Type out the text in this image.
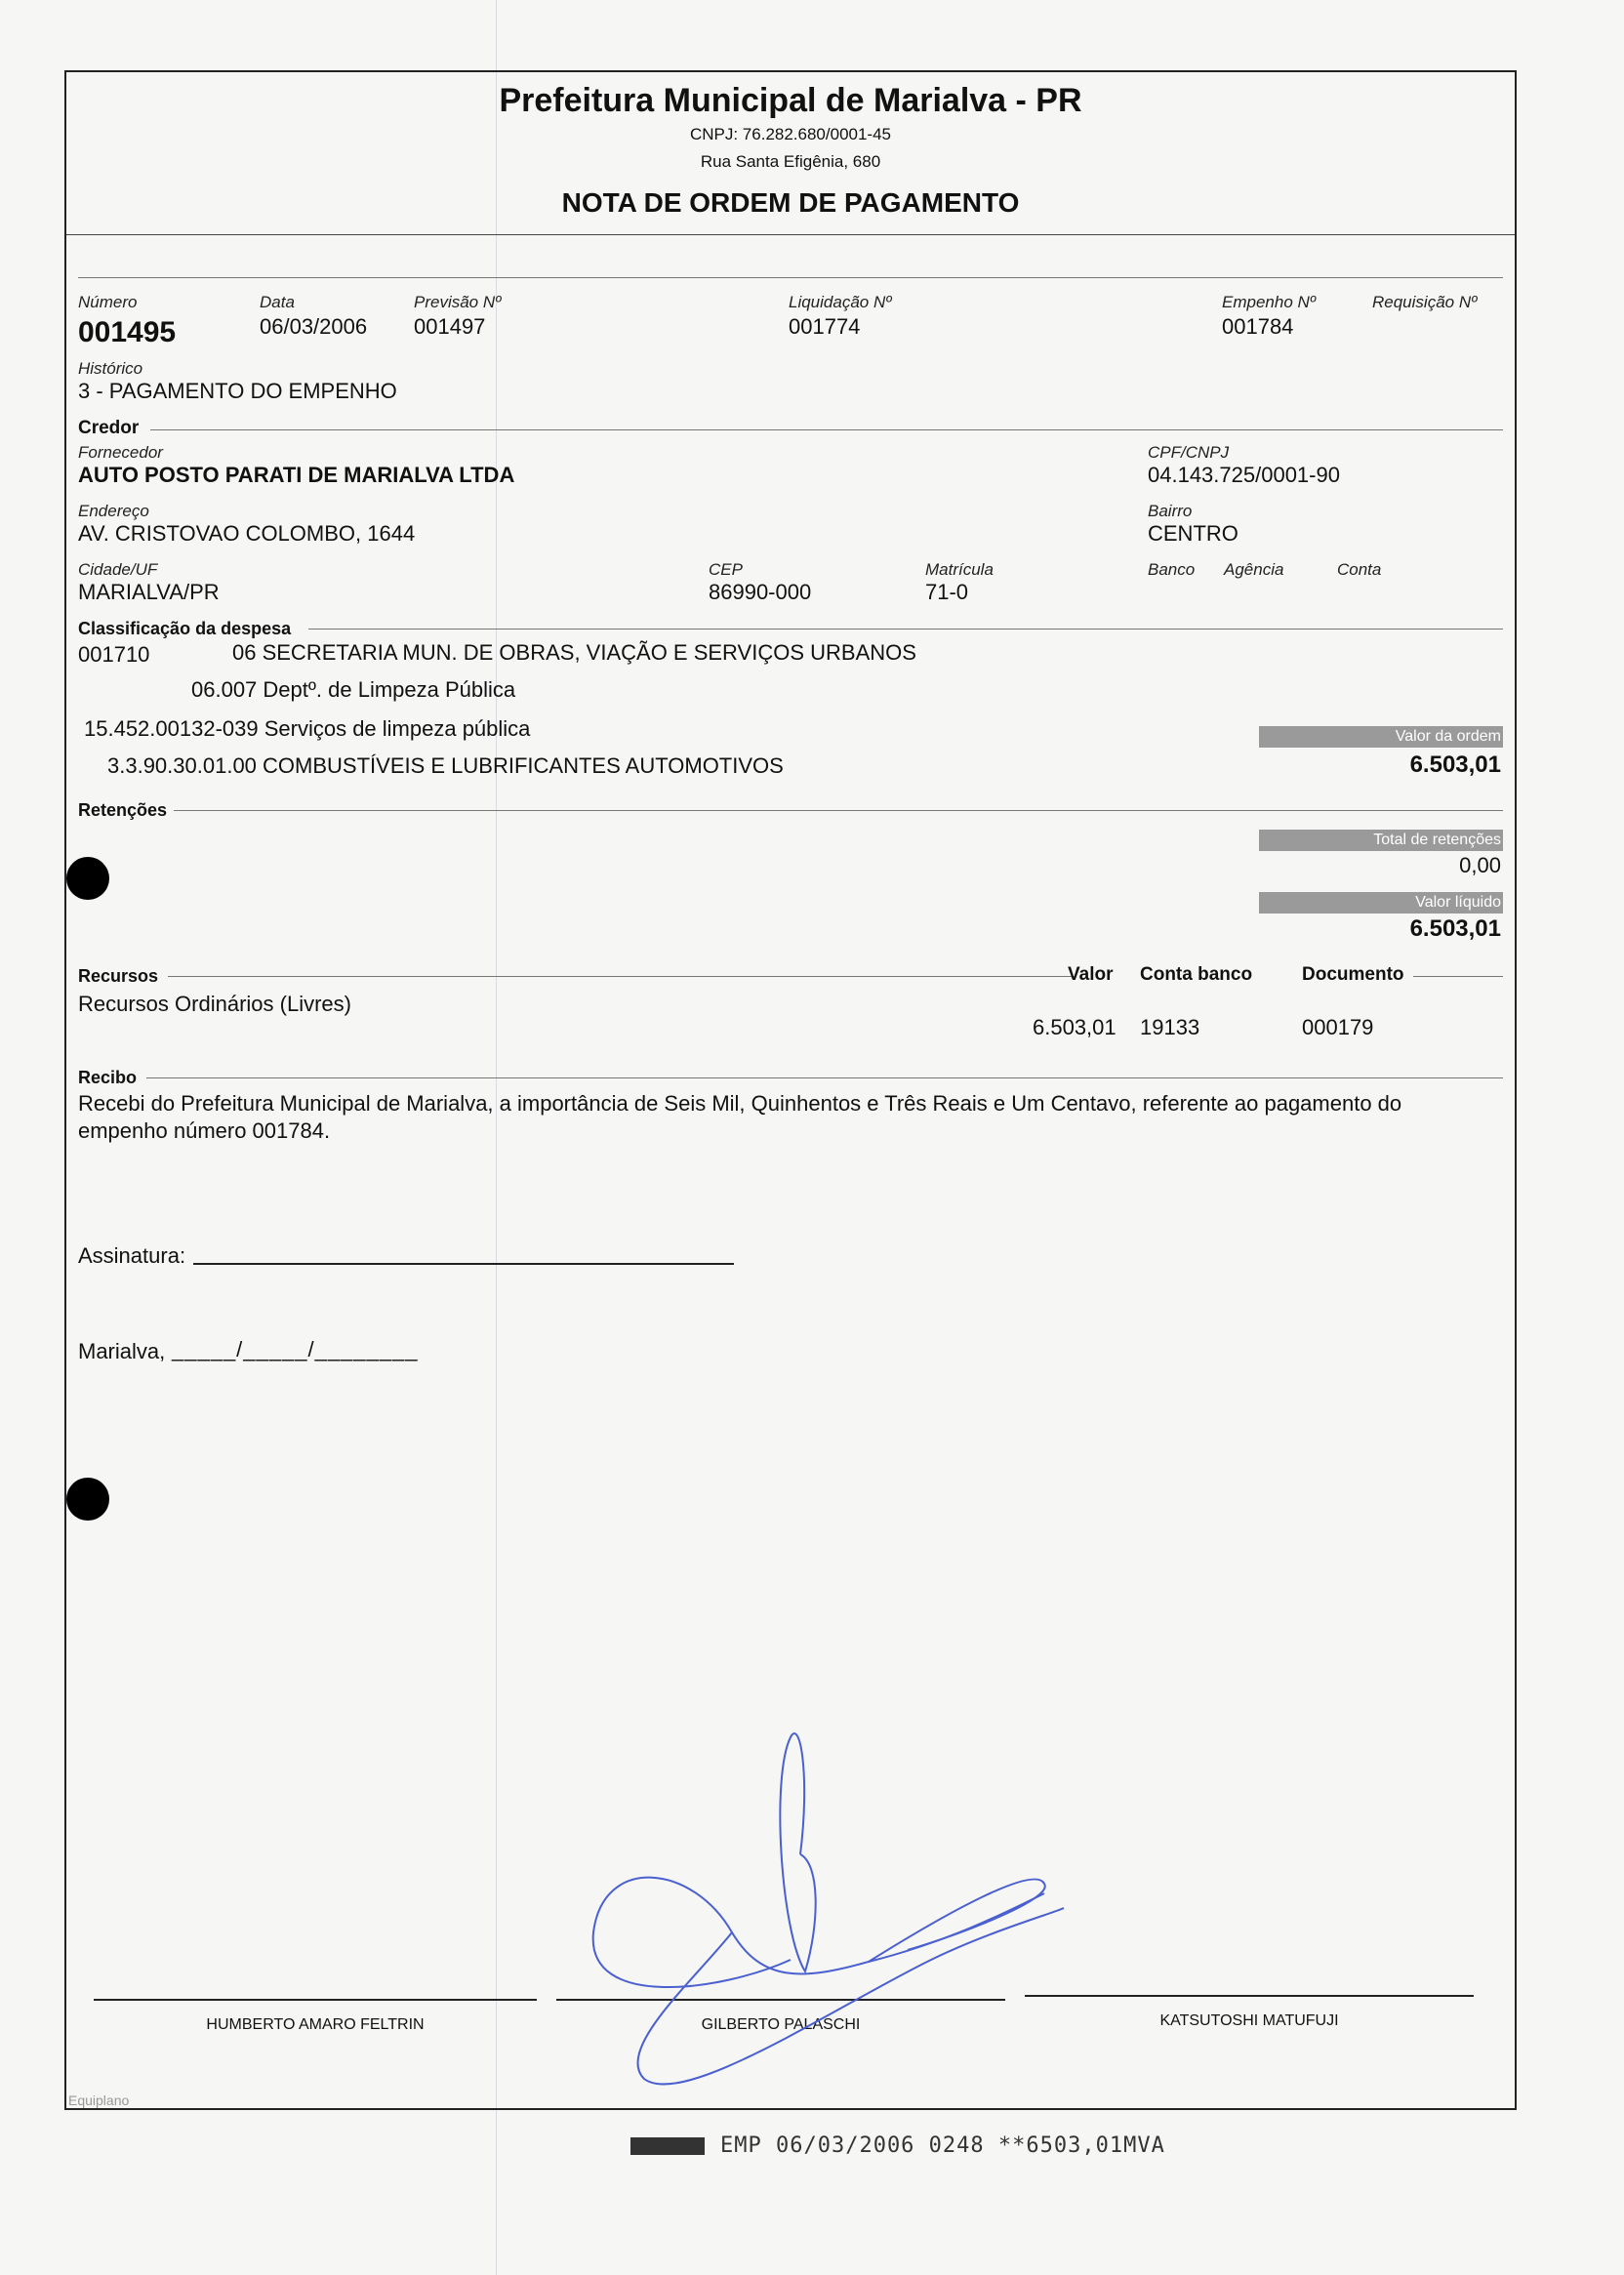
Prefeitura Municipal de Marialva - PR
CNPJ: 76.282.680/0001-45
Rua Santa Efigênia, 680
NOTA DE ORDEM DE PAGAMENTO
Número
001495
Data
06/03/2006
Previsão Nº
001497
Liquidação Nº
001774
Empenho Nº
001784
Requisição Nº
Histórico
3 - PAGAMENTO DO EMPENHO
Credor
Fornecedor
AUTO POSTO PARATI DE MARIALVA LTDA
CPF/CNPJ
04.143.725/0001-90
Endereço
AV. CRISTOVAO COLOMBO, 1644
Bairro
CENTRO
Cidade/UF
MARIALVA/PR
CEP
86990-000
Matrícula
71-0
Banco Agência	Conta
Classificação da despesa
001710	06 SECRETARIA MUN. DE OBRAS, VIAÇÃO E SERVIÇOS URBANOS
06.007 Deptº. de Limpeza Pública
15.452.00132-039 Serviços de limpeza pública
3.3.90.30.01.00 COMBUSTÍVEIS E LUBRIFICANTES AUTOMOTIVOS
Valor da ordem
6.503,01
Retenções
Total de retenções
0,00
Valor líquido
6.503,01
Recursos	Valor Conta banco	Documento
Recursos Ordinários (Livres)
6.503,01 19133	000179
Recibo
Recebi do Prefeitura Municipal de Marialva, a importância de Seis Mil, Quinhentos e Três Reais e Um Centavo, referente ao pagamento do
empenho número 001784.
Assinatura:
Marialva, _____/_____/________
HUMBERTO AMARO FELTRIN	GILBERTO PALASCHI	KATSUTOSHI MATUFUJI
Equiplano
EMP 06/03/2006 0248 **6503,01MVA
